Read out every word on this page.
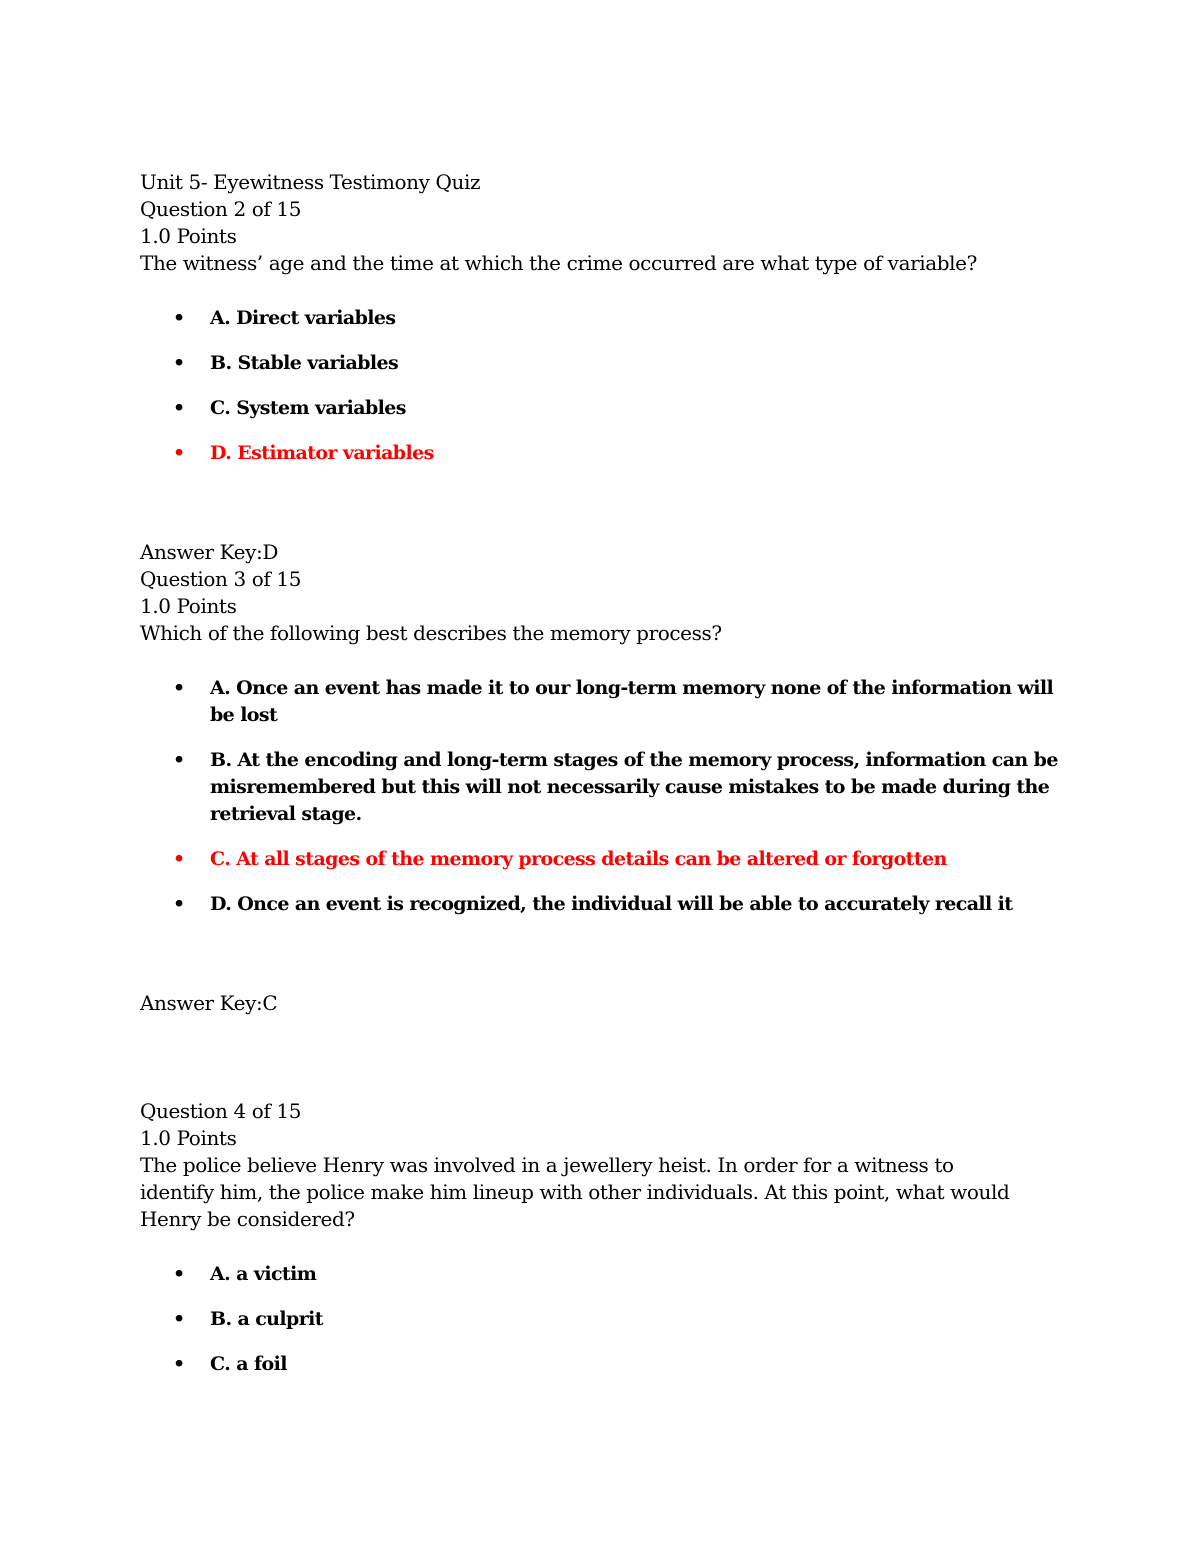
Unit 5- Eyewitness Testimony Quiz
Question 2 of 15
1.0 Points
The witness’ age and the time at which the crime occurred are what type of variable?
• A. Direct variables
• B. Stable variables
• C. System variables
• D. Estimator variables
Answer Key:D
Question 3 of 15
1.0 Points
Which of the following best describes the memory process?
• A. Once an event has made it to our long-term memory none of the information will be lost
• B. At the encoding and long-term stages of the memory process, information can be misremembered but this will not necessarily cause mistakes to be made during the retrieval stage.
• C. At all stages of the memory process details can be altered or forgotten
• D. Once an event is recognized, the individual will be able to accurately recall it
Answer Key:C
Question 4 of 15
1.0 Points
The police believe Henry was involved in a jewellery heist. In order for a witness to identify him, the police make him lineup with other individuals. At this point, what would Henry be considered?
• A. a victim
• B. a culprit
• C. a foil
